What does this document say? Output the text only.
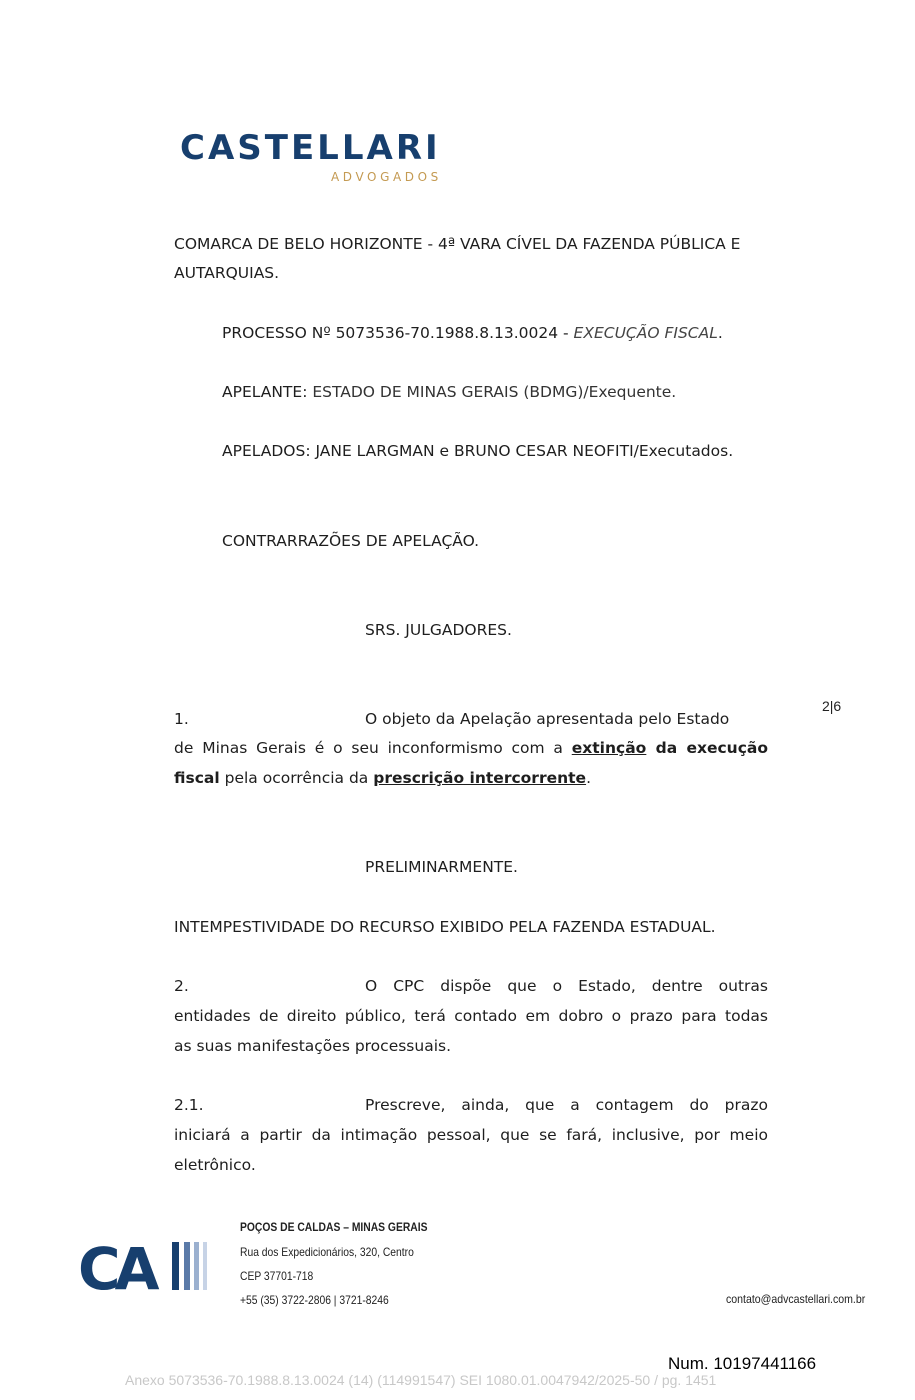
CASTELLARI
ADVOGADOS
COMARCA DE BELO HORIZONTE - 4ª VARA CÍVEL DA FAZENDA PÚBLICA E
AUTARQUIAS.
PROCESSO Nº 5073536-70.1988.8.13.0024 - EXECUÇÃO FISCAL.
APELANTE: ESTADO DE MINAS GERAIS (BDMG)/Exequente.
APELADOS: JANE LARGMAN e BRUNO CESAR NEOFITI/Executados.
CONTRARRAZÕES DE APELAÇÃO.
SRS. JULGADORES.
2|6
1.	O objeto da Apelação apresentada pelo Estado
de Minas Gerais é o seu inconformismo com a extinção da execução
fiscal pela ocorrência da prescrição intercorrente.
PRELIMINARMENTE.
INTEMPESTIVIDADE DO RECURSO EXIBIDO PELA FAZENDA ESTADUAL.
2.	O CPC dispõe que o Estado, dentre outras
entidades de direito público, terá contado em dobro o prazo para todas
as suas manifestações processuais.
2.1.	Prescreve, ainda, que a contagem do prazo
iniciará a partir da intimação pessoal, que se fará, inclusive, por meio
eletrônico.
CA
POÇOS DE CALDAS – MINAS GERAIS
Rua dos Expedicionários, 320, Centro
CEP 37701-718
+55 (35) 3722-2806 | 3721-8246	contato@advcastellari.com.br
Num. 10197441166
Anexo 5073536-70.1988.8.13.0024 (14) (114991547) SEI 1080.01.0047942/2025-50 / pg. 1451
